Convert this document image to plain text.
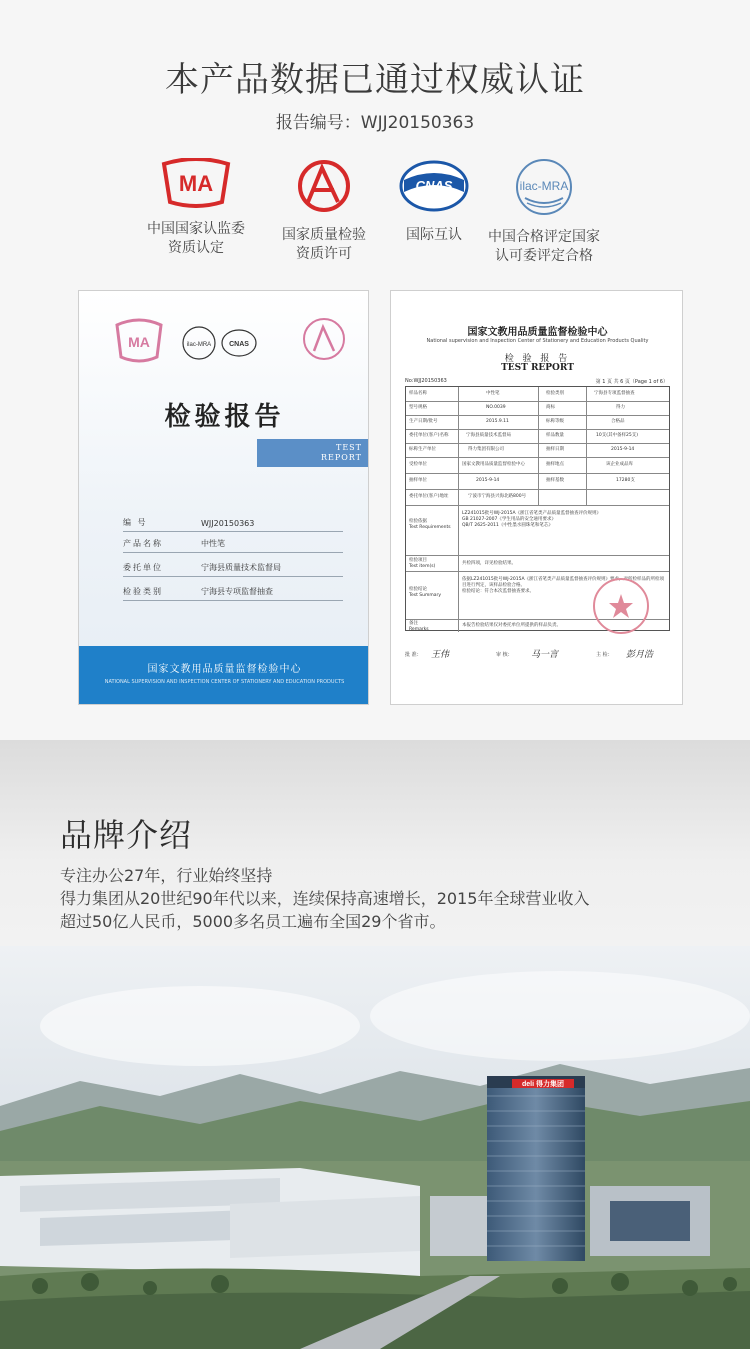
本产品数据已通过权威认证
报告编号：WJJ20150363
MA
中国国家认监委
资质认定
国家质量检验
资质许可
CNAS
国际互认
ilac-MRA
中国合格评定国家
认可委评定合格
MA	ilac-MRA	CNAS
检验报告
TEST
REPORT
编 号	WJJ20150363
产品名称	中性笔
委托单位	宁海县质量技术监督局
检验类别	宁海县专项监督抽查
国家文教用品质量监督检验中心
NATIONAL SUPERVISION AND INSPECTION CENTER OF STATIONERY AND EDUCATION PRODUCTS
国家文教用品质量监督检验中心
National supervision and Inspection Center of Stationery and Education Products Quality
检 验 报 告
TEST REPORT
No:WJJ20150363	第 1 页 共 6 页（Page 1 of 6）
样品名称	中性笔	检验类别	宁海县专项监督抽查
型号规格	NO.0039	商标	得力
生产日期/批号	2015.9.11	标称等级	合格品
委托单位(客户)名称	宁海县质量技术监督局	样品数量	10支(其中备样25支)
标称生产单位	得力集团有限公司	抽样日期	2015-9-14
受检单位	国家文教用品质量监督检验中心	抽样地点	该企业成品库
抽样单位	2015-9-14	抽样基数	17280支
委托单位(客户)地址	宁波市宁海县兴海北路800号
检验依据
Test Requirements
LZ241015批号WJ-2015A《浙江省笔类产品质量监督抽查评价规则》
GB 21027-2007《学生用品的安全通用要求》
QB/T 2625-2011《中性墨水圆珠笔和笔芯》
检验项目
Test item(s)
共检四项，详见检验结果。
检验结论
Test Summary
依据LZ241015批号WJ-2015A《浙江省笔类产品质量监督抽查评价规则》要求，对所检样品的所检项目进行判定，该样品检验合格。
检验结论：符合本次监督抽查要求。
备注
Remarks
本报告检验结果仅对委托单位所提供的样品负责。
批 准： 王伟	审 核： 马一言	主 检： 彭月浩
品牌介绍
专注办公27年，行业始终坚持
得力集团从20世纪90年代以来，连续保持高速增长，2015年全球营业收入
超过50亿人民币，5000多名员工遍布全国29个省市。
deli 得力集团
